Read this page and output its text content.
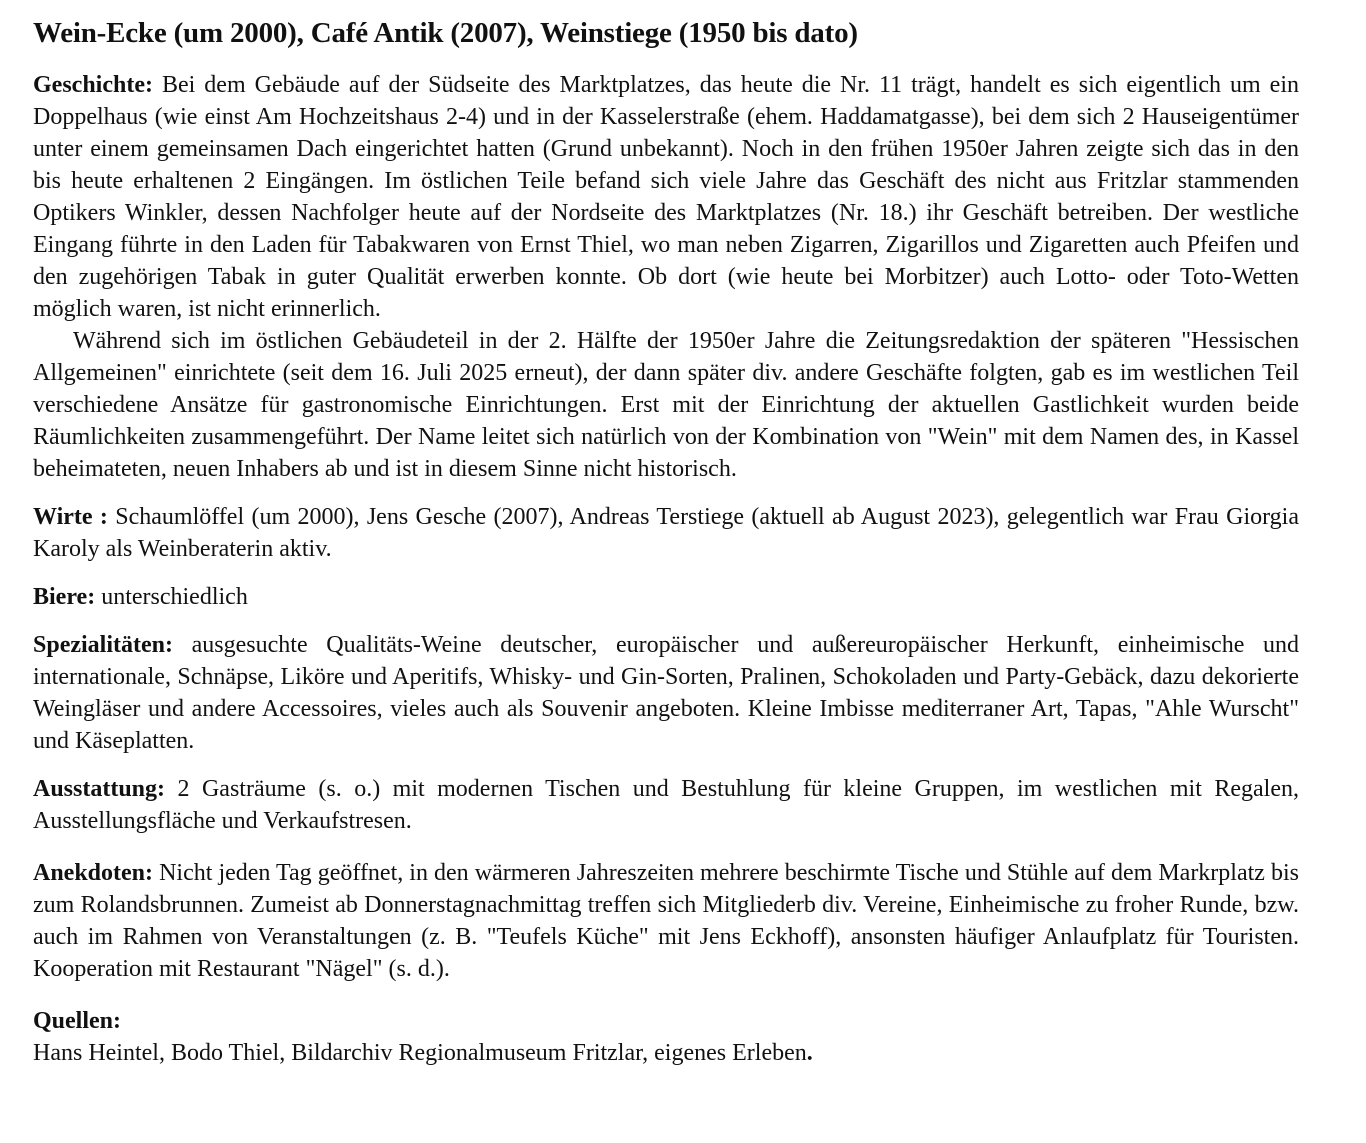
Wein-Ecke (um 2000), Café Antik (2007), Weinstiege (1950 bis dato)

Geschichte: Bei dem Gebäude auf der Südseite des Marktplatzes, das heute die Nr. 11 trägt, handelt es sich eigentlich um ein Doppelhaus (wie einst Am Hochzeitshaus 2-4) und in der Kasselerstraße (ehem. Haddamatgasse), bei dem sich 2 Hauseigentümer unter einem gemeinsamen Dach eingerichtet hatten (Grund unbekannt). Noch in den frühen 1950er Jahren zeigte sich das in den bis heute erhaltenen 2 Eingängen. Im östlichen Teile befand sich viele Jahre das Geschäft des nicht aus Fritzlar stammenden Optikers Winkler, dessen Nachfolger heute auf der Nordseite des Marktplatzes (Nr. 18.) ihr Geschäft betreiben. Der westliche Eingang führte in den Laden für Tabakwaren von Ernst Thiel, wo man neben Zigarren, Zigarillos und Zigaretten auch Pfeifen und den zugehörigen Tabak in guter Qualität erwerben konnte. Ob dort (wie heute bei Morbitzer) auch Lotto- oder Toto-Wetten möglich waren, ist nicht erinnerlich.

Während sich im östlichen Gebäudeteil in der 2. Hälfte der 1950er Jahre die Zeitungsredaktion der späteren "Hessischen Allgemeinen" einrichtete (seit dem 16. Juli 2025 erneut), der dann später div. andere Geschäfte folgten, gab es im westlichen Teil verschiedene Ansätze für gastronomische Einrichtungen. Erst mit der Einrichtung der aktuellen Gastlichkeit wurden beide Räumlichkeiten zusammengeführt. Der Name leitet sich natürlich von der Kombination von "Wein" mit dem Namen des, in Kassel beheimateten, neuen Inhabers ab und ist in diesem Sinne nicht historisch.

Wirte : Schaumlöffel (um 2000), Jens Gesche (2007), Andreas Terstiege (aktuell ab August 2023), gelegentlich war Frau Giorgia Karoly als Weinberaterin aktiv.

Biere: unterschiedlich

Spezialitäten: ausgesuchte Qualitäts-Weine deutscher, europäischer und außereuropäischer Herkunft, einheimische und internationale, Schnäpse, Liköre und Aperitifs, Whisky- und Gin-Sorten, Pralinen, Schokoladen und Party-Gebäck, dazu dekorierte Weingläser und andere Accessoires, vieles auch als Souvenir angeboten. Kleine Imbisse mediterraner Art, Tapas, "Ahle Wurscht" und Käseplatten.

Ausstattung: 2 Gasträume (s. o.) mit modernen Tischen und Bestuhlung für kleine Gruppen, im westlichen mit Regalen, Ausstellungsfläche und Verkaufstresen.

Anekdoten: Nicht jeden Tag geöffnet, in den wärmeren Jahreszeiten mehrere beschirmte Tische und Stühle auf dem Markrplatz bis zum Rolandsbrunnen. Zumeist ab Donnerstagnachmittag treffen sich Mitgliederb div. Vereine, Einheimische zu froher Runde, bzw. auch im Rahmen von Veranstaltungen (z. B. "Teufels Küche" mit Jens Eckhoff), ansonsten häufiger Anlaufplatz für Touristen. Kooperation mit Restaurant "Nägel" (s. d.).

Quellen:
Hans Heintel, Bodo Thiel, Bildarchiv Regionalmuseum Fritzlar, eigenes Erleben.
